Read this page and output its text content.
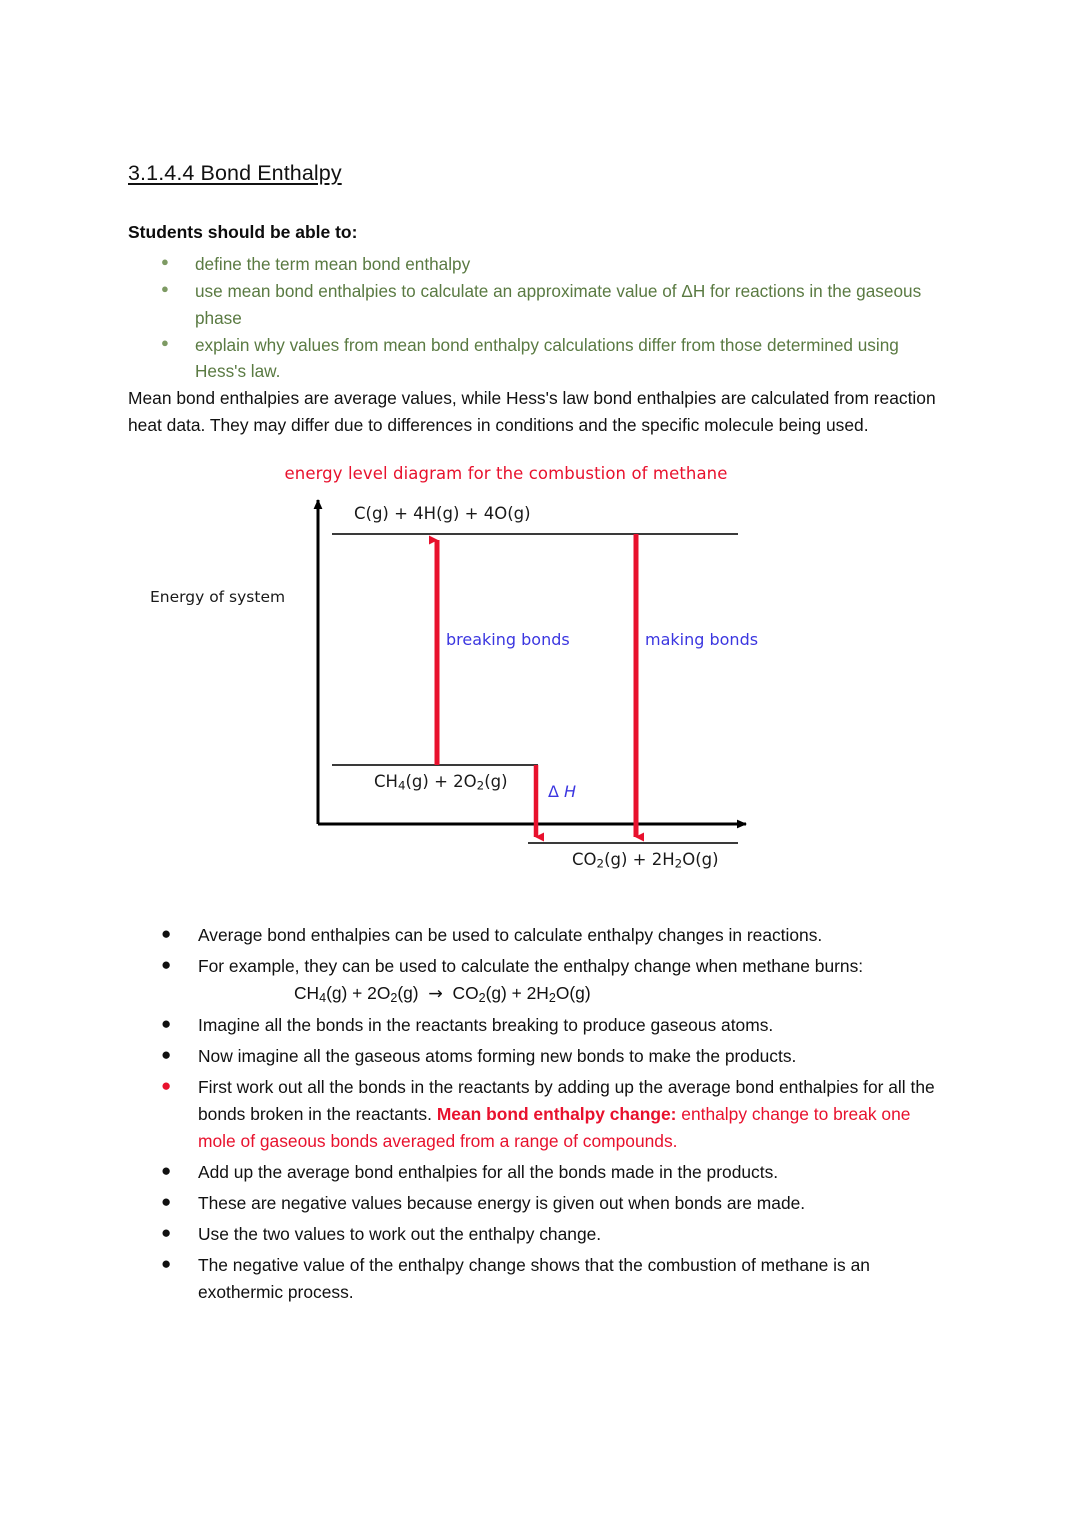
3.1.4.4 Bond Enthalpy
Students should be able to:
● define the term mean bond enthalpy
● use mean bond enthalpies to calculate an approximate value of ΔH for reactions in the gaseous phase
● explain why values from mean bond enthalpy calculations differ from those determined using Hess's law.

Mean bond enthalpies are average values, while Hess's law bond enthalpies are calculated from reaction heat data. They may differ due to differences in conditions and the specific molecule being used.

energy level diagram for the combustion of methane
Energy of system
C(g) + 4H(g) + 4O(g)
$CH_4(g) + 2O_2(g)$
$CO_2(g) + 2H_2O(g)$
breaking bonds	making bonds
Δ H
● Average bond enthalpies can be used to calculate enthalpy changes in reactions.
● For example, they can be used to calculate the enthalpy change when methane burns: $CH_4(g) + 2O_2(g) \to CO_2(g) + 2H_2O(g)$
● Imagine all the bonds in the reactants breaking to produce gaseous atoms.
● Now imagine all the gaseous atoms forming new bonds to make the products.
● First work out all the bonds in the reactants by adding up the average bond enthalpies for all the bonds broken in the reactants. Mean bond enthalpy change: enthalpy change to break one mole of gaseous bonds averaged from a range of compounds.
● Add up the average bond enthalpies for all the bonds made in the products.
● These are negative values because energy is given out when bonds are made.
● Use the two values to work out the enthalpy change.
● The negative value of the enthalpy change shows that the combustion of methane is an exothermic process.
